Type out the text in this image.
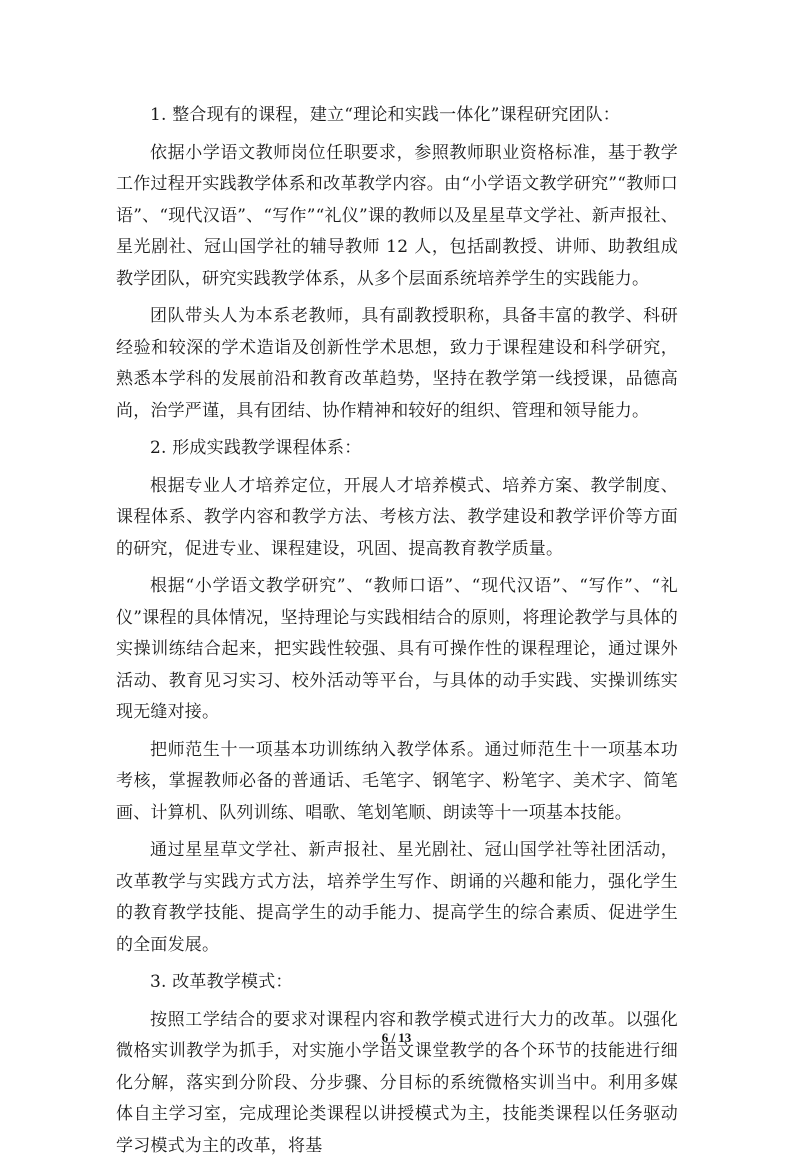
1. 整合现有的课程，建立“理论和实践一体化”课程研究团队：

依据小学语文教师岗位任职要求，参照教师职业资格标准，基于教学工作过程开实践教学体系和改革教学内容。由“小学语文教学研究”“教师口语”、“现代汉语”、“写作”“礼仪”课的教师以及星星草文学社、新声报社、星光剧社、冠山国学社的辅导教师 12 人，包括副教授、讲师、助教组成教学团队，研究实践教学体系，从多个层面系统培养学生的实践能力。

团队带头人为本系老教师，具有副教授职称，具备丰富的教学、科研经验和较深的学术造诣及创新性学术思想，致力于课程建设和科学研究，熟悉本学科的发展前沿和教育改革趋势，坚持在教学第一线授课，品德高尚，治学严谨，具有团结、协作精神和较好的组织、管理和领导能力。

2. 形成实践教学课程体系：

根据专业人才培养定位，开展人才培养模式、培养方案、教学制度、课程体系、教学内容和教学方法、考核方法、教学建设和教学评价等方面的研究，促进专业、课程建设，巩固、提高教育教学质量。

根据“小学语文教学研究”、“教师口语”、“现代汉语”、“写作”、“礼仪”课程的具体情况，坚持理论与实践相结合的原则，将理论教学与具体的实操训练结合起来，把实践性较强、具有可操作性的课程理论，通过课外活动、教育见习实习、校外活动等平台，与具体的动手实践、实操训练实现无缝对接。

把师范生十一项基本功训练纳入教学体系。通过师范生十一项基本功考核，掌握教师必备的普通话、毛笔字、钢笔字、粉笔字、美术字、简笔画、计算机、队列训练、唱歌、笔划笔顺、朗读等十一项基本技能。

通过星星草文学社、新声报社、星光剧社、冠山国学社等社团活动，改革教学与实践方式方法，培养学生写作、朗诵的兴趣和能力，强化学生的教育教学技能、提高学生的动手能力、提高学生的综合素质、促进学生的全面发展。

3. 改革教学模式：

按照工学结合的要求对课程内容和教学模式进行大力的改革。以强化微格实训教学为抓手，对实施小学语文课堂教学的各个环节的技能进行细化分解，落实到分阶段、分步骤、分目标的系统微格实训当中。利用多媒体自主学习室，完成理论类课程以讲授模式为主，技能类课程以任务驱动学习模式为主的改革，将基

6 / 13
